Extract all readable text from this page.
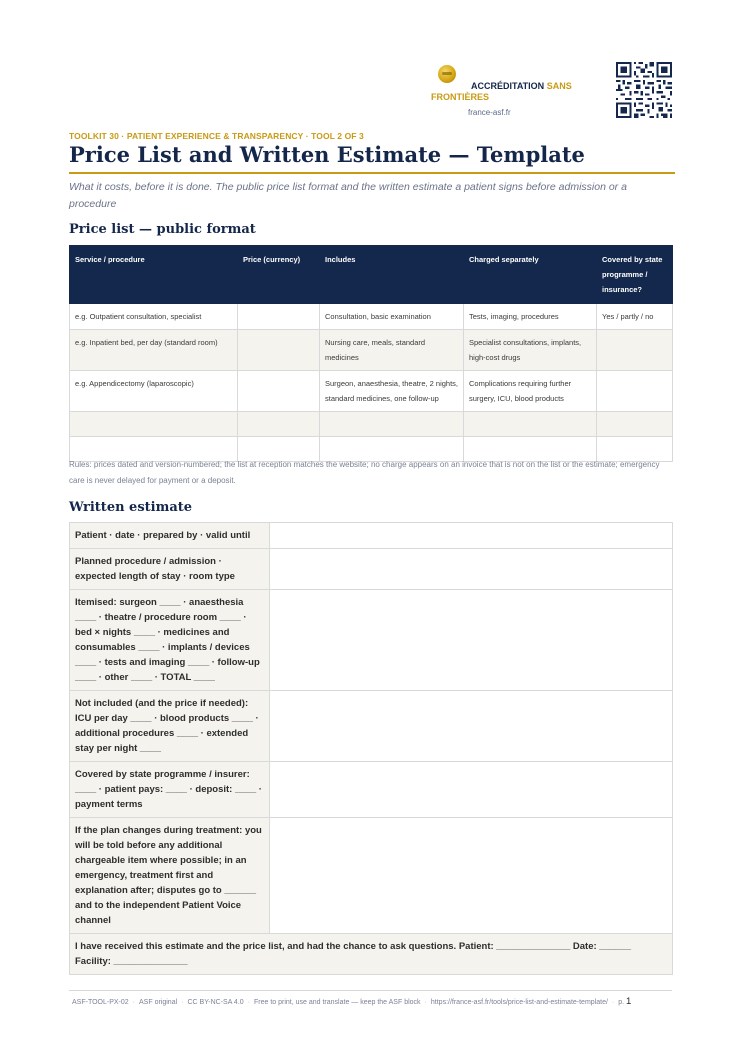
ACCRÉDITATION SANS
FRONTIÈRES
france-asf.fr
TOOLKIT 30 · PATIENT EXPERIENCE & TRANSPARENCY · TOOL 2 OF 3
Price List and Written Estimate — Template
What it costs, before it is done. The public price list format and the written estimate a patient signs before admission or a procedure
Price list — public format
Service / procedure	Price (currency)	Includes	Charged separately	Covered by state programme / insurance?
e.g. Outpatient consultation, specialist		Consultation, basic examination	Tests, imaging, procedures	Yes / partly / no
e.g. Inpatient bed, per day (standard room)		Nursing care, meals, standard medicines	Specialist consultations, implants, high-cost drugs	
e.g. Appendicectomy (laparoscopic)		Surgeon, anaesthesia, theatre, 2 nights, standard medicines, one follow-up	Complications requiring further surgery, ICU, blood products	

Rules: prices dated and version-numbered; the list at reception matches the website; no charge appears on an invoice that is not on the list or the estimate; emergency care is never delayed for payment or a deposit.
Written estimate
Patient · date · prepared by · valid until	
Planned procedure / admission · expected length of stay · room type	
Itemised: surgeon ____ · anaesthesia ____ · theatre / procedure room ____ · bed × nights ____ · medicines and consumables ____ · implants / devices ____ · tests and imaging ____ · follow-up ____ · other ____ · TOTAL ____	
Not included (and the price if needed): ICU per day ____ · blood products ____ · additional procedures ____ · extended stay per night ____	
Covered by state programme / insurer: ____ · patient pays: ____ · deposit: ____ · payment terms	
If the plan changes during treatment: you will be told before any additional chargeable item where possible; in an emergency, treatment first and explanation after; disputes go to ______ and to the independent Patient Voice channel	
I have received this estimate and the price list, and had the chance to ask questions. Patient: ______________ Date: ______ Facility: ______________	
ASF-TOOL-PX-02 · ASF original · CC BY-NC-SA 4.0 · Free to print, use and translate — keep the ASF block · https://france-asf.fr/tools/price-list-and-estimate-template/ · p. 1
